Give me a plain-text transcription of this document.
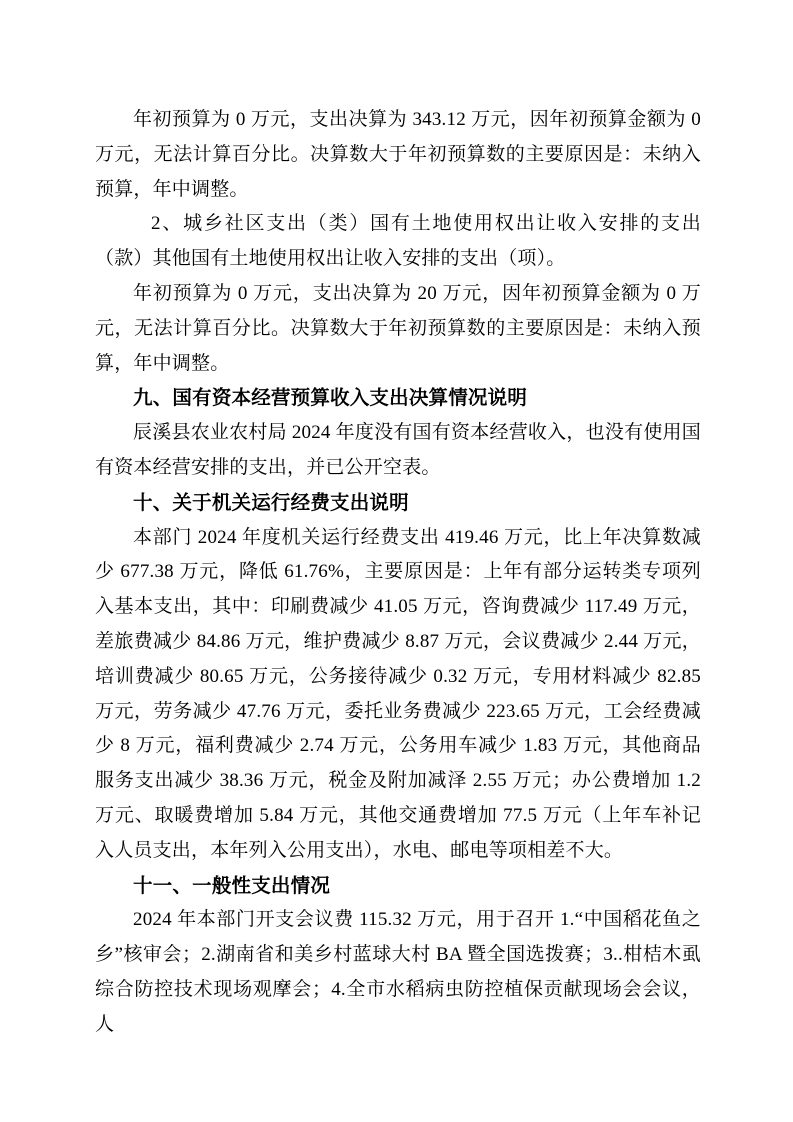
年初预算为 0 万元，支出决算为 343.12 万元，因年初预算金额为 0 万元，无法计算百分比。决算数大于年初预算数的主要原因是：未纳入预算，年中调整。

2、城乡社区支出（类）国有土地使用权出让收入安排的支出（款）其他国有土地使用权出让收入安排的支出（项）。

年初预算为 0 万元，支出决算为 20 万元，因年初预算金额为 0 万元，无法计算百分比。决算数大于年初预算数的主要原因是：未纳入预算，年中调整。

九、国有资本经营预算收入支出决算情况说明

辰溪县农业农村局 2024 年度没有国有资本经营收入，也没有使用国有资本经营安排的支出，并已公开空表。

十、关于机关运行经费支出说明

本部门 2024 年度机关运行经费支出 419.46 万元，比上年决算数减少 677.38 万元，降低 61.76%，主要原因是：上年有部分运转类专项列入基本支出，其中：印刷费减少 41.05 万元，咨询费减少 117.49 万元，差旅费减少 84.86 万元，维护费减少 8.87 万元，会议费减少 2.44 万元，培训费减少 80.65 万元，公务接待减少 0.32 万元，专用材料减少 82.85 万元，劳务减少 47.76 万元，委托业务费减少 223.65 万元，工会经费减少 8 万元，福利费减少 2.74 万元，公务用车减少 1.83 万元，其他商品服务支出减少 38.36 万元，税金及附加减泽 2.55 万元；办公费增加 1.2 万元、取暖费增加 5.84 万元，其他交通费增加 77.5 万元（上年车补记入人员支出，本年列入公用支出），水电、邮电等项相差不大。

十一、一般性支出情况

2024 年本部门开支会议费 115.32 万元，用于召开 1.“中国稻花鱼之乡”核审会；2.湖南省和美乡村蓝球大村 BA 暨全国选拨赛；3..柑桔木虱综合防控技术现场观摩会；4.全市水稻病虫防控植保贡献现场会会议，人
